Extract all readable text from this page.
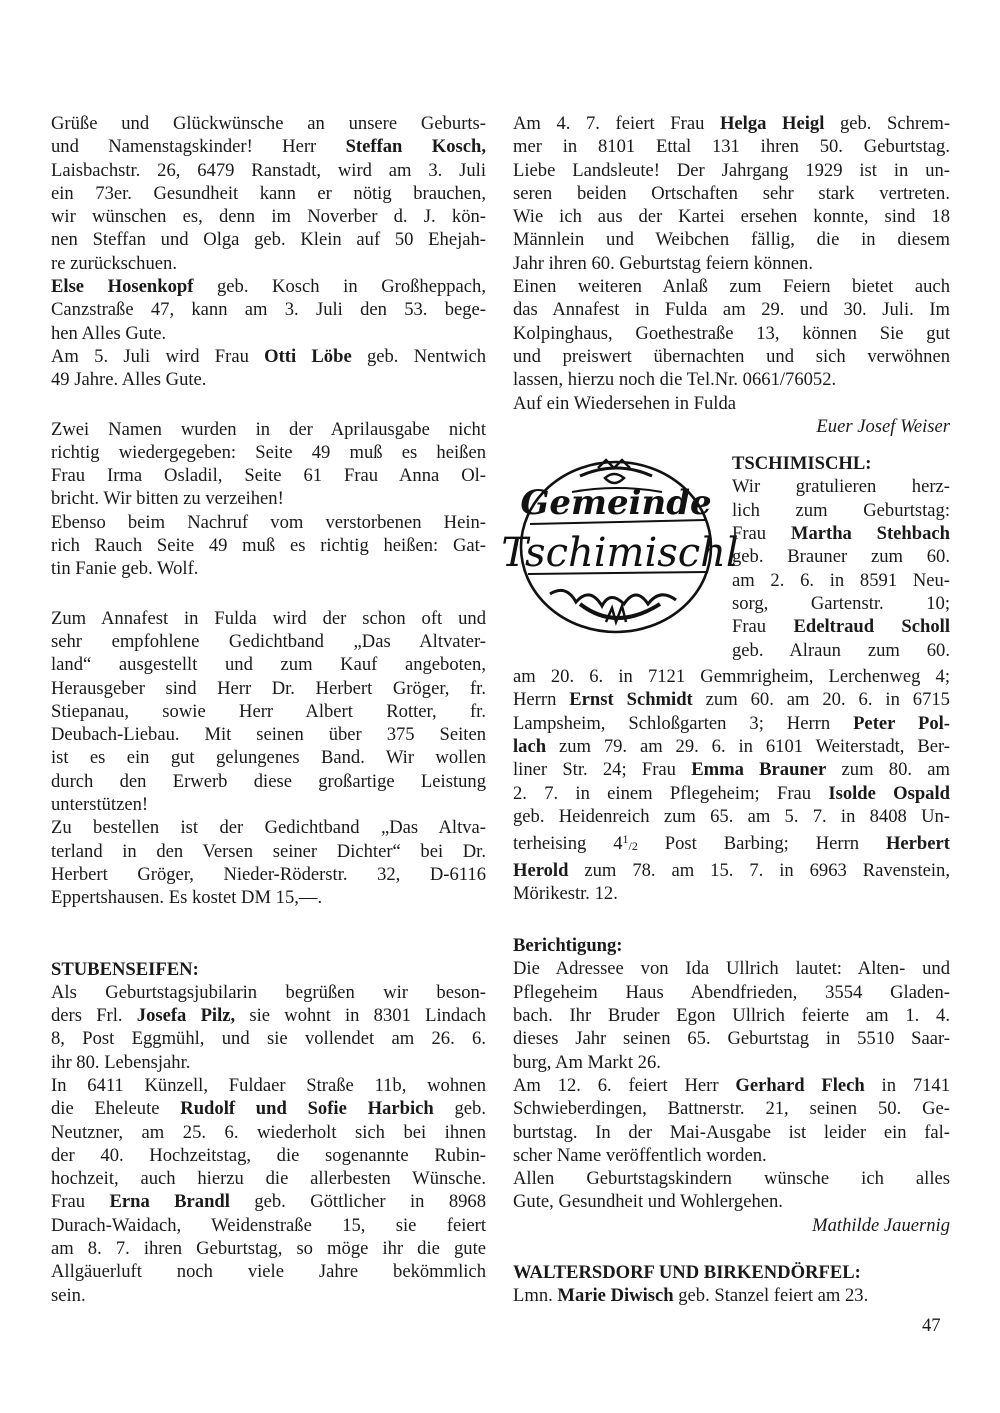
Grüße und Glückwünsche an unsere Geburts-

und Namenstagskinder! Herr Steffan Kosch,

Laisbachstr. 26, 6479 Ranstadt, wird am 3. Juli

ein 73er. Gesundheit kann er nötig brauchen,

wir wünschen es, denn im Noverber d. J. kön-

nen Steffan und Olga geb. Klein auf 50 Ehejah-

re zurückschuen.

Else Hosenkopf geb. Kosch in Großheppach,

Canzstraße 47, kann am 3. Juli den 53. bege-

hen Alles Gute.

Am 5. Juli wird Frau Otti Löbe geb. Nentwich

49 Jahre. Alles Gute.

Zwei Namen wurden in der Aprilausgabe nicht

richtig wiedergegeben: Seite 49 muß es heißen

Frau Irma Osladil, Seite 61 Frau Anna Ol-

bricht. Wir bitten zu verzeihen!

Ebenso beim Nachruf vom verstorbenen Hein-

rich Rauch Seite 49 muß es richtig heißen: Gat-

tin Fanie geb. Wolf.

Zum Annafest in Fulda wird der schon oft und

sehr empfohlene Gedichtband „Das Altvater-

land“ ausgestellt und zum Kauf angeboten,

Herausgeber sind Herr Dr. Herbert Gröger, fr.

Stiepanau, sowie Herr Albert Rotter, fr.

Deubach-Liebau. Mit seinen über 375 Seiten

ist es ein gut gelungenes Band. Wir wollen

durch den Erwerb diese großartige Leistung

unterstützen!

Zu bestellen ist der Gedichtband „Das Altva-

terland in den Versen seiner Dichter“ bei Dr.

Herbert Gröger, Nieder-Röderstr. 32, D-6116

Eppertshausen. Es kostet DM 15,—.

STUBENSEIFEN:

Als Geburtstagsjubilarin begrüßen wir beson-

ders Frl. Josefa Pilz, sie wohnt in 8301 Lindach

8, Post Eggmühl, und sie vollendet am 26. 6.

ihr 80. Lebensjahr.

In 6411 Künzell, Fuldaer Straße 11b, wohnen

die Eheleute Rudolf und Sofie Harbich geb.

Neutzner, am 25. 6. wiederholt sich bei ihnen

der 40. Hochzeitstag, die sogenannte Rubin-

hochzeit, auch hierzu die allerbesten Wünsche.

Frau Erna Brandl geb. Göttlicher in 8968

Durach-Waidach, Weidenstraße 15, sie feiert

am 8. 7. ihren Geburtstag, so möge ihr die gute

Allgäuerluft noch viele Jahre bekömmlich

sein.

Am 4. 7. feiert Frau Helga Heigl geb. Schrem-

mer in 8101 Ettal 131 ihren 50. Geburtstag.

Liebe Landsleute! Der Jahrgang 1929 ist in un-

seren beiden Ortschaften sehr stark vertreten.

Wie ich aus der Kartei ersehen konnte, sind 18

Männlein und Weibchen fällig, die in diesem

Jahr ihren 60. Geburtstag feiern können.

Einen weiteren Anlaß zum Feiern bietet auch

das Annafest in Fulda am 29. und 30. Juli. Im

Kolpinghaus, Goethestraße 13, können Sie gut

und preiswert übernachten und sich verwöhnen

lassen, hierzu noch die Tel.Nr. 0661/76052.

Auf ein Wiedersehen in Fulda

Euer Josef Weiser

Gemeinde
Tschimischl

TSCHIMISCHL:

Wir gratulieren herz-

lich zum Geburtstag:

Frau Martha Stehbach

geb. Brauner zum 60.

am 2. 6. in 8591 Neu-

sorg, Gartenstr. 10;

Frau Edeltraud Scholl

geb. Alraun zum 60.

am 20. 6. in 7121 Gemmrigheim, Lerchenweg 4;

Herrn Ernst Schmidt zum 60. am 20. 6. in 6715

Lampsheim, Schloßgarten 3; Herrn Peter Pol-

lach zum 79. am 29. 6. in 6101 Weiterstadt, Ber-

liner Str. 24; Frau Emma Brauner zum 80. am

2. 7. in einem Pflegeheim; Frau Isolde Ospald

geb. Heidenreich zum 65. am 5. 7. in 8408 Un-

terheising $4^1/2$ Post Barbing; Herrn Herbert

Herold zum 78. am 15. 7. in 6963 Ravenstein,

Mörikestr. 12.

Berichtigung:

Die Adressee von Ida Ullrich lautet: Alten- und

Pflegeheim Haus Abendfrieden, 3554 Gladen-

bach. Ihr Bruder Egon Ullrich feierte am 1. 4.

dieses Jahr seinen 65. Geburtstag in 5510 Saar-

burg, Am Markt 26.

Am 12. 6. feiert Herr Gerhard Flech in 7141

Schwieberdingen, Battnerstr. 21, seinen 50. Ge-

burtstag. In der Mai-Ausgabe ist leider ein fal-

scher Name veröffentlich worden.

Allen Geburtstagskindern wünsche ich alles

Gute, Gesundheit und Wohlergehen.

Mathilde Jauernig

WALTERSDORF UND BIRKENDÖRFEL:

Lmn. Marie Diwisch geb. Stanzel feiert am 23.

47
